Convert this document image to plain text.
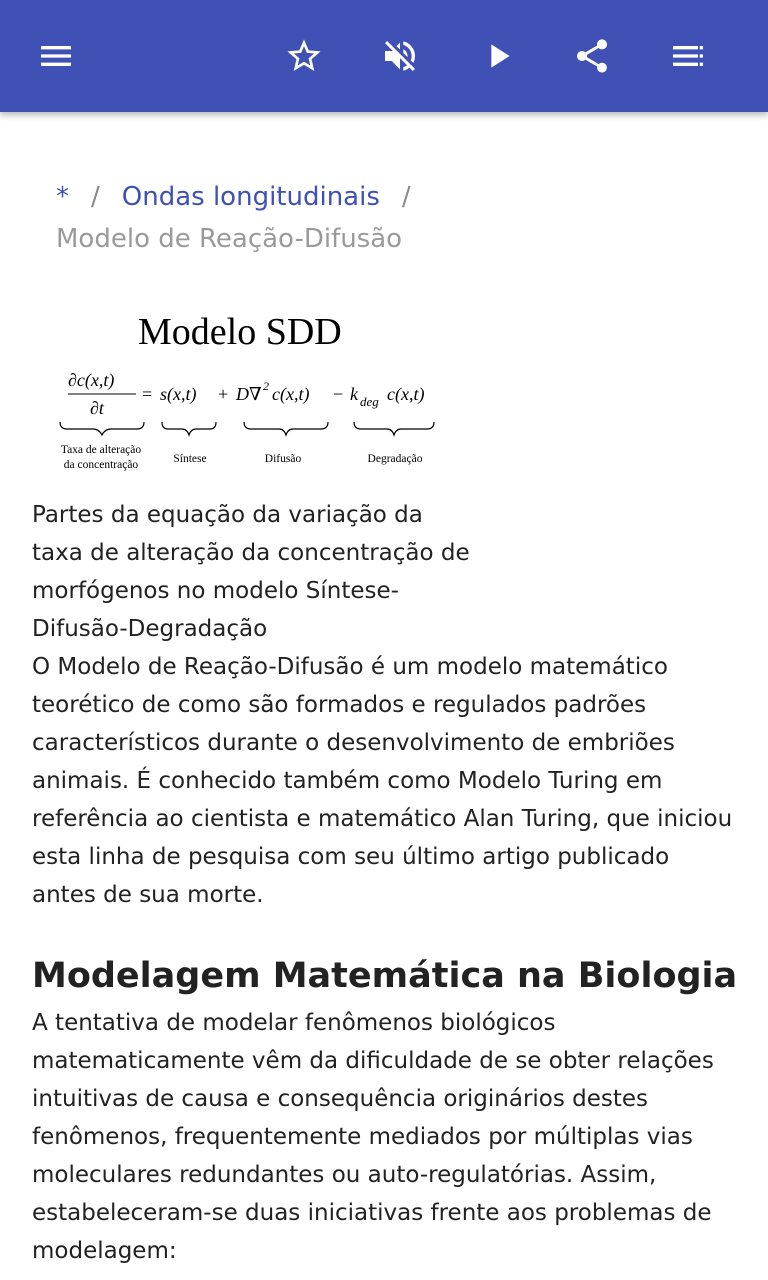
* / Ondas longitudinais /
Modelo de Reação-Difusão
Modelo SDD
∂c(x,t)
∂t
s(x,t) D∇ 2 c(x,t) k deg c(x,t)
=	+	−
Taxa de alteração
da concentração	Síntese	Difusão	Degradação
Partes da equação da variação da taxa de alteração da concentração de morfógenos no modelo Síntese-Difusão-Degradação
O Modelo de Reação-Difusão é um modelo matemático teorético de como são formados e regulados padrões característicos durante o desenvolvimento de embriões animais. É conhecido também como Modelo Turing em referência ao cientista e matemático Alan Turing, que iniciou esta linha de pesquisa com seu último artigo publicado antes de sua morte.
Modelagem Matemática na Biologia
A tentativa de modelar fenômenos biológicos matematicamente vêm da dificuldade de se obter relações intuitivas de causa e consequência originários destes fenômenos, frequentemente mediados por múltiplas vias moleculares redundantes ou auto-regulatórias. Assim, estabeleceram-se duas iniciativas frente aos problemas de modelagem:
